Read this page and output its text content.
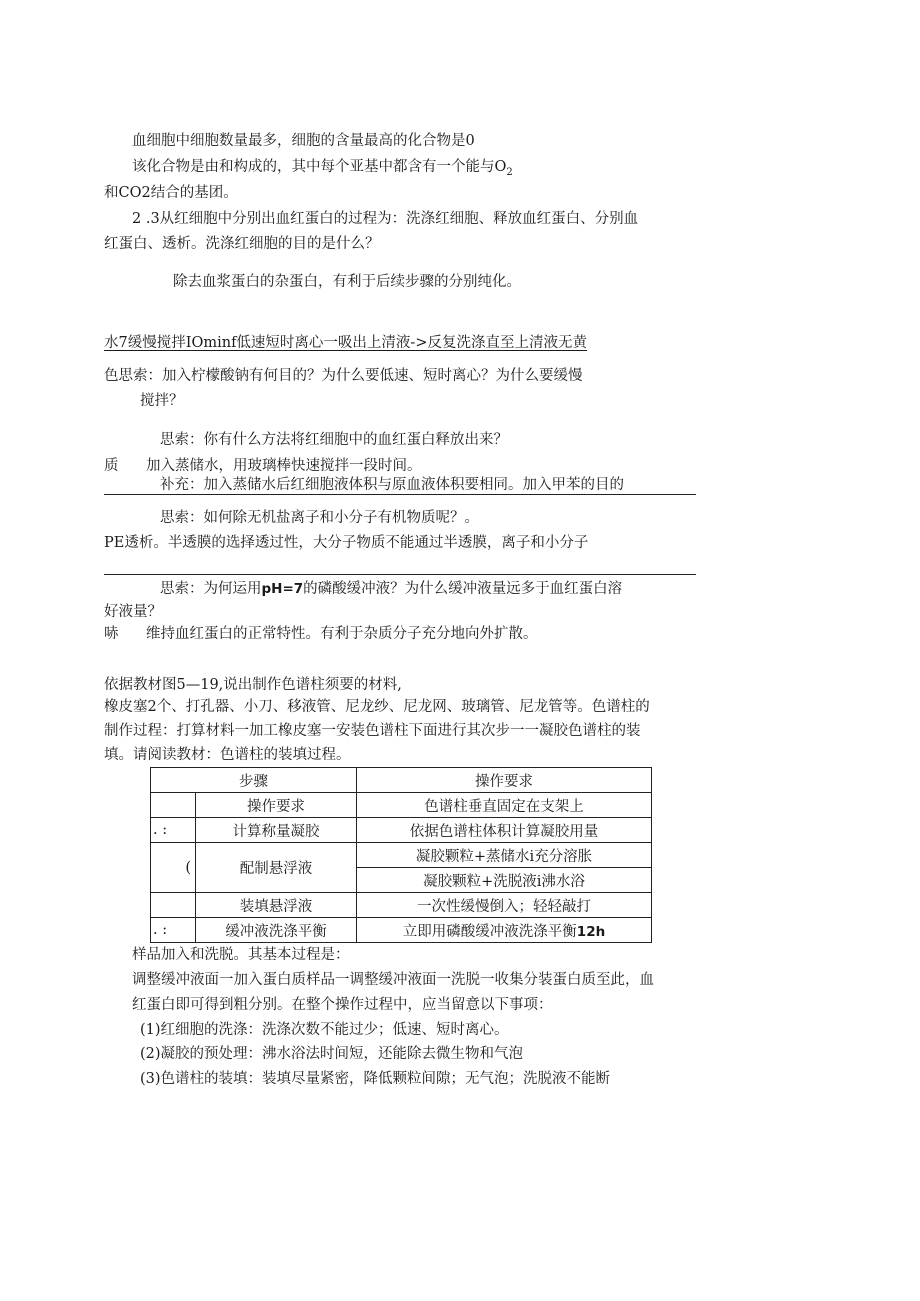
血细胞中细胞数量最多，细胞的含量最高的化合物是0
该化合物是由和构成的，其中每个亚基中都含有一个能与$O_2$
和CO2结合的基团。
2 .3从红细胞中分别出血红蛋白的过程为：洗涤红细胞、释放血红蛋白、分别血
红蛋白、透析。洗涤红细胞的目的是什么？
除去血浆蛋白的杂蛋白，有利于后续步骤的分别纯化。
水7缓慢搅拌IOminf低速短时离心一吸出上清液->反复洗涤直至上清液无黄
色思索：加入柠檬酸钠有何目的？为什么要低速、短时离心？为什么要缓慢
搅拌？
思索：你有什么方法将红细胞中的血红蛋白释放出来？
质 加入蒸储水，用玻璃棒快速搅拌一段时间。
补充：加入蒸储水后红细胞液体积与原血液体积要相同。加入甲苯的目的
思索：如何除无机盐离子和小分子有机物质呢？。
PE透析。半透膜的选择透过性，大分子物质不能通过半透膜，离子和小分子
思索：为何运用pH=7的磷酸缓冲液？为什么缓冲液量远多于血红蛋白溶
好液量？
哧 维持血红蛋白的正常特性。有利于杂质分子充分地向外扩散。
依据教材图5—19,说出制作色谱柱须要的材料,
橡皮塞2个、打孔器、小刀、移液管、尼龙纱、尼龙网、玻璃管、尼龙管等。色谱柱的
制作过程：打算材料一加工橡皮塞一安装色谱柱下面进行其次步一一凝胶色谱柱的装
填。请阅读教材：色谱柱的装填过程。
步骤		操作要求
	操作要求	色谱柱垂直固定在支架上
. :	计算称量凝胶	依据色谱柱体积计算凝胶用量
(	配制悬浮液	凝胶颗粒+蒸储水i充分溶胀
		凝胶颗粒+洗脱液i沸水浴
	装填悬浮液	一次性缓慢倒入；轻轻敲打
. :	缓冲液洗涤平衡	立即用磷酸缓冲液洗涤平衡12h
样品加入和洗脱。其基本过程是：
调整缓冲液面一加入蛋白质样品一调整缓冲液面一洗脱一收集分装蛋白质至此，血
红蛋白即可得到粗分别。在整个操作过程中，应当留意以下事项：
(1)红细胞的洗涤：洗涤次数不能过少；低速、短时离心。
(2)凝胶的预处理：沸水浴法时间短，还能除去微生物和气泡
(3)色谱柱的装填：装填尽量紧密，降低颗粒间隙；无气泡；洗脱液不能断
